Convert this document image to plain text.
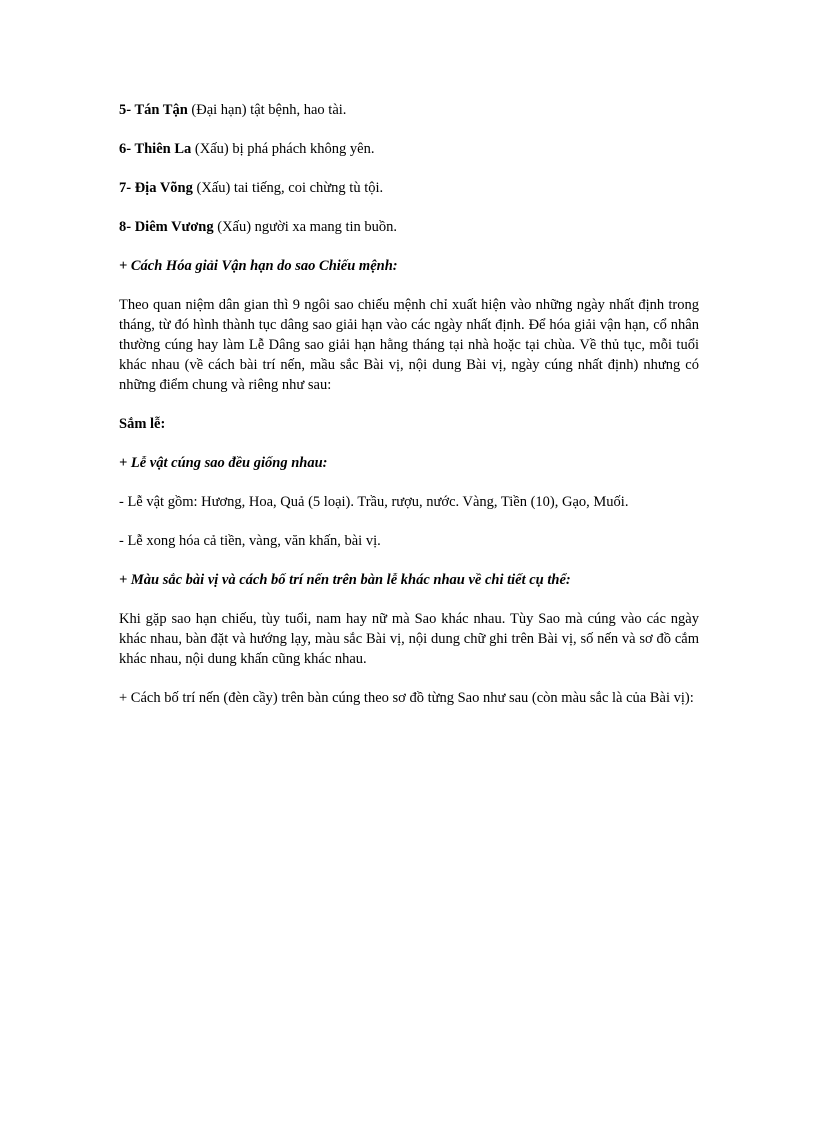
5- Tán Tận (Đại hạn) tật bệnh, hao tài.

6- Thiên La (Xấu) bị phá phách không yên.

7- Địa Võng (Xấu) tai tiếng, coi chừng tù tội.

8- Diêm Vương (Xấu) người xa mang tin buồn.

+ Cách Hóa giải Vận hạn do sao Chiếu mệnh:

Theo quan niệm dân gian thì 9 ngôi sao chiếu mệnh chỉ xuất hiện vào những ngày nhất định trong tháng, từ đó hình thành tục dâng sao giải hạn vào các ngày nhất định. Để hóa giải vận hạn, cổ nhân thường cúng hay làm Lễ Dâng sao giải hạn hằng tháng tại nhà hoặc tại chùa. Về thủ tục, mỗi tuổi khác nhau (về cách bài trí nến, mầu sắc Bài vị, nội dung Bài vị, ngày cúng nhất định) nhưng có những điểm chung và riêng như sau:

Sắm lễ:

+ Lễ vật cúng sao đều giống nhau:

- Lễ vật gồm: Hương, Hoa, Quả (5 loại). Trầu, rượu, nước. Vàng, Tiền (10), Gạo, Muối.

- Lễ xong hóa cả tiền, vàng, văn khấn, bài vị.

+ Màu sắc bài vị và cách bố trí nến trên bàn lễ khác nhau về chi tiết cụ thể:

Khi gặp sao hạn chiếu, tùy tuổi, nam hay nữ mà Sao khác nhau. Tùy Sao mà cúng vào các ngày khác nhau, bàn đặt và hướng lạy, màu sắc Bài vị, nội dung chữ ghi trên Bài vị, số nến và sơ đồ cắm khác nhau, nội dung khấn cũng khác nhau.

+ Cách bố trí nến (đèn cầy) trên bàn cúng theo sơ đồ từng Sao như sau (còn màu sắc là của Bài vị):
